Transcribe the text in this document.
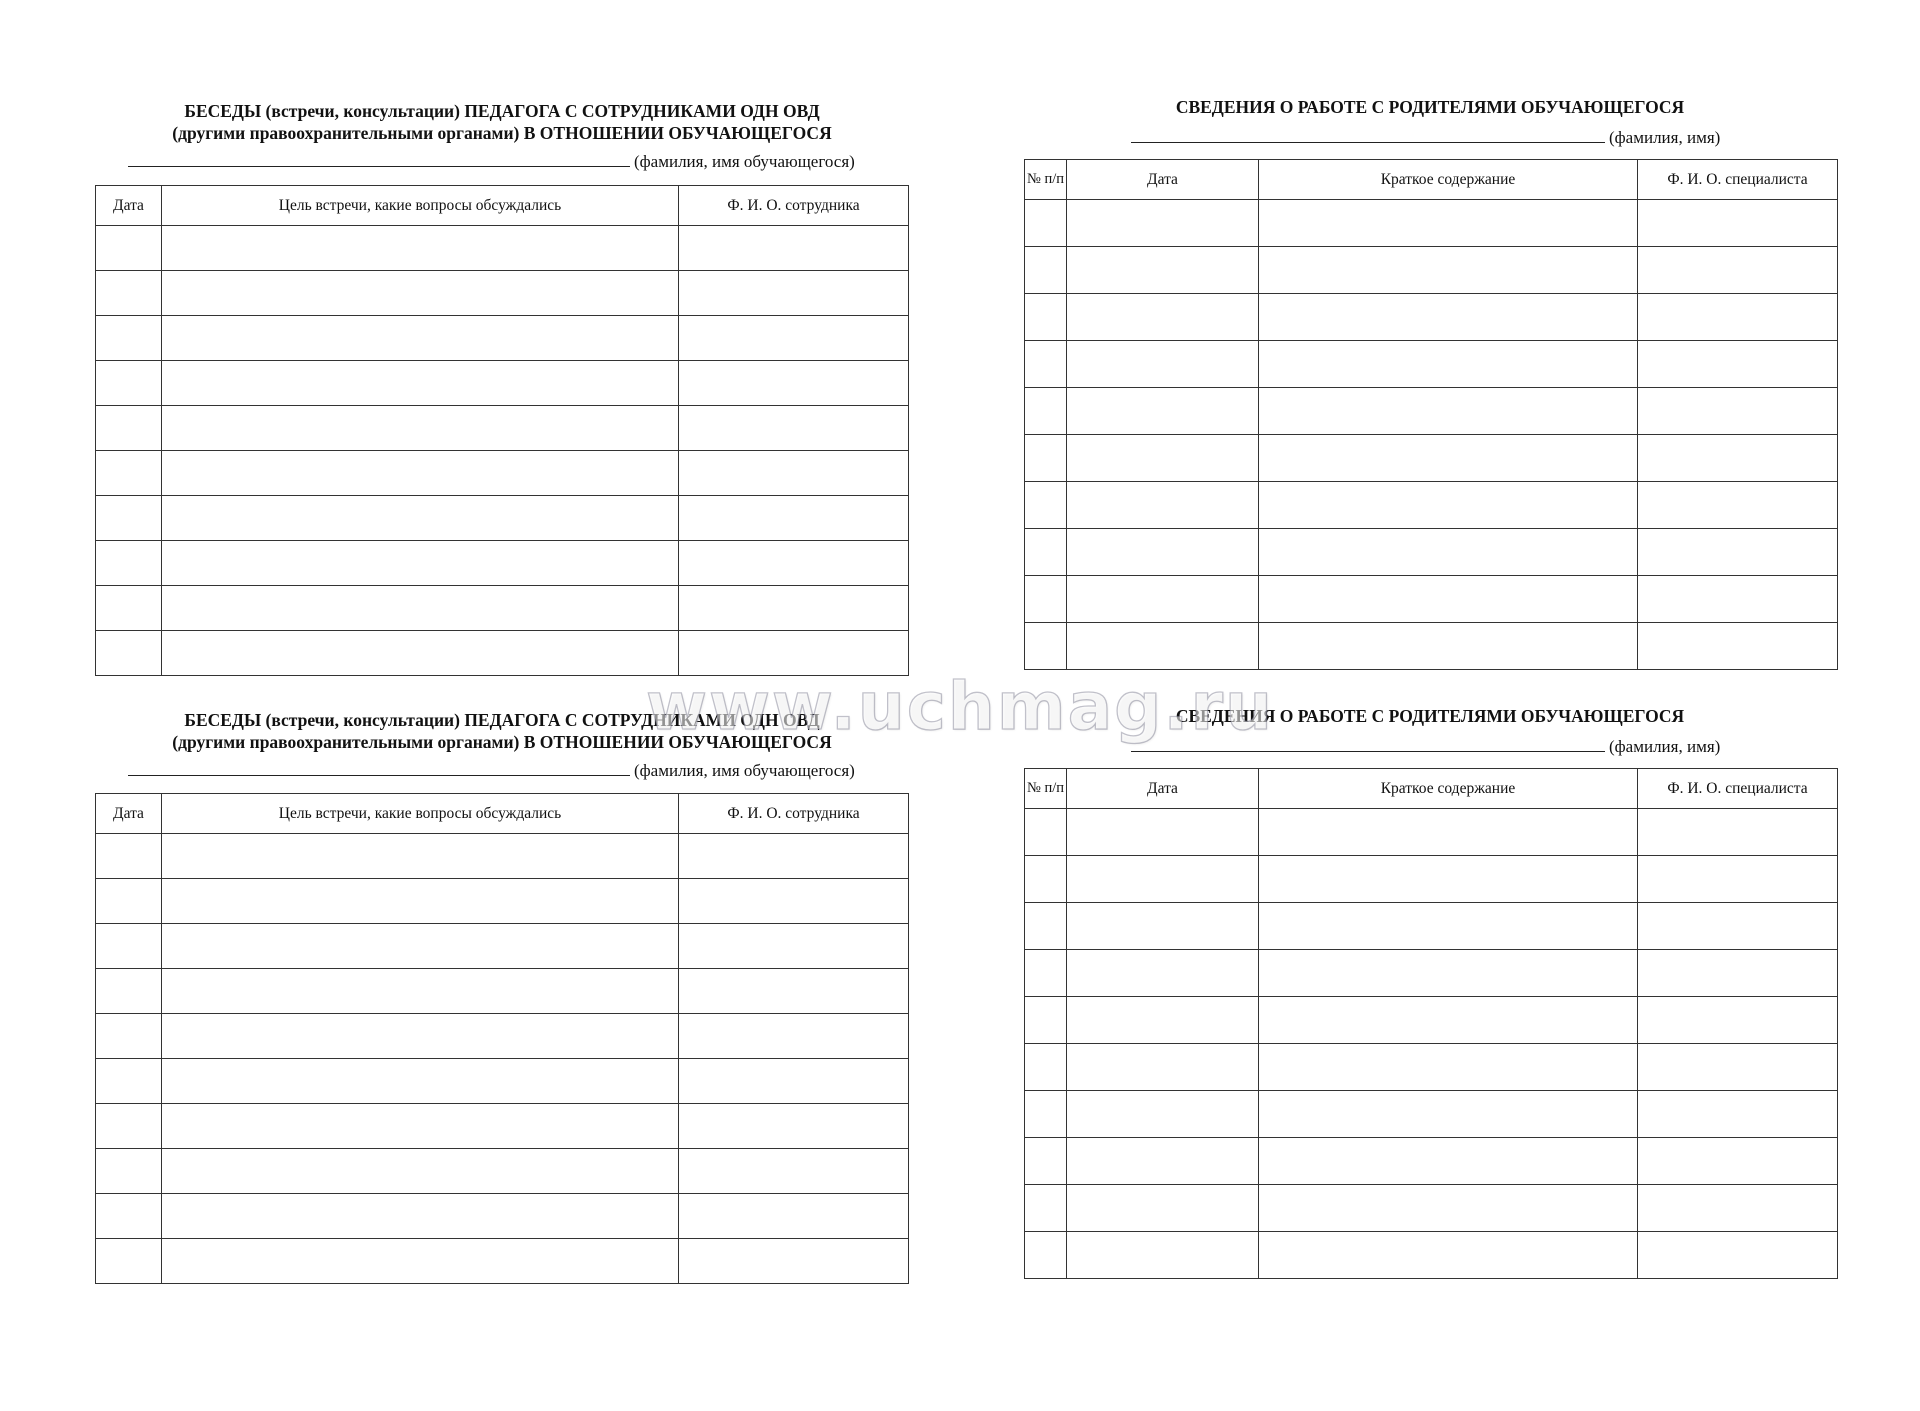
БЕСЕДЫ (встречи, консультации) ПЕДАГОГА С СОТРУДНИКАМИ ОДН ОВД
(другими правоохранительными органами) В ОТНОШЕНИИ ОБУЧАЮЩЕГОСЯ
(фамилия, имя обучающегося)
Дата	Цель встречи, какие вопросы обсуждались	Ф. И. О. сотрудника

БЕСЕДЫ (встречи, консультации) ПЕДАГОГА С СОТРУДНИКАМИ ОДН ОВД
(другими правоохранительными органами) В ОТНОШЕНИИ ОБУЧАЮЩЕГОСЯ
(фамилия, имя обучающегося)
Дата	Цель встречи, какие вопросы обсуждались	Ф. И. О. сотрудника

СВЕДЕНИЯ О РАБОТЕ С РОДИТЕЛЯМИ ОБУЧАЮЩЕГОСЯ
(фамилия, имя)
№ п/п	Дата	Краткое содержание	Ф. И. О. специалиста

СВЕДЕНИЯ О РАБОТЕ С РОДИТЕЛЯМИ ОБУЧАЮЩЕГОСЯ
(фамилия, имя)
№ п/п	Дата	Краткое содержание	Ф. И. О. специалиста

www.uchmag.ru
